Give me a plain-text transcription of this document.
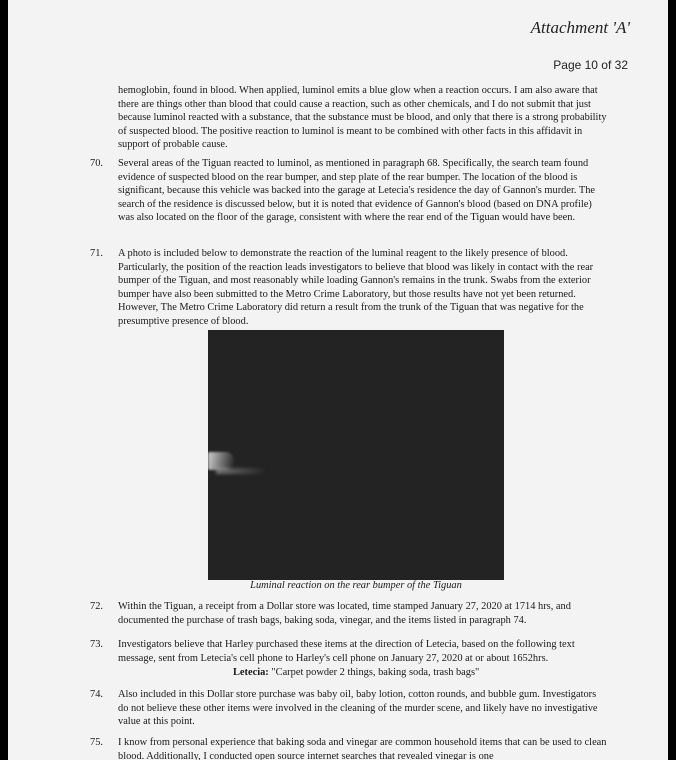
Attachment 'A'
Page 10 of 32
hemoglobin, found in blood. When applied, luminol emits a blue glow when a reaction occurs. I am also aware that there are things other than blood that could cause a reaction, such as other chemicals, and I do not submit that just because luminol reacted with a substance, that the substance must be blood, and only that there is a strong probability of suspected blood. The positive reaction to luminol is meant to be combined with other facts in this affidavit in support of probable cause.
70.	Several areas of the Tiguan reacted to luminol, as mentioned in paragraph 68. Specifically, the search team found evidence of suspected blood on the rear bumper, and step plate of the rear bumper. The location of the blood is significant, because this vehicle was backed into the garage at Letecia's residence the day of Gannon's murder. The search of the residence is discussed below, but it is noted that evidence of Gannon's blood (based on DNA profile) was also located on the floor of the garage, consistent with where the rear end of the Tiguan would have been.
71.	A photo is included below to demonstrate the reaction of the luminal reagent to the likely presence of blood. Particularly, the position of the reaction leads investigators to believe that blood was likely in contact with the rear bumper of the Tiguan, and most reasonably while loading Gannon's remains in the trunk. Swabs from the exterior bumper have also been submitted to the Metro Crime Laboratory, but those results have not yet been returned. However, The Metro Crime Laboratory did return a result from the trunk of the Tiguan that was negative for the presumptive presence of blood.
Luminal reaction on the rear bumper of the Tiguan
72.	Within the Tiguan, a receipt from a Dollar store was located, time stamped January 27, 2020 at 1714 hrs, and documented the purchase of trash bags, baking soda, vinegar, and the items listed in paragraph 74.
73.	Investigators believe that Harley purchased these items at the direction of Letecia, based on the following text message, sent from Letecia's cell phone to Harley's cell phone on January 27, 2020 at or about 1652hrs.
Letecia: "Carpet powder 2 things, baking soda, trash bags"
74.	Also included in this Dollar store purchase was baby oil, baby lotion, cotton rounds, and bubble gum. Investigators do not believe these other items were involved in the cleaning of the murder scene, and likely have no investigative value at this point.
75.	I know from personal experience that baking soda and vinegar are common household items that can be used to clean blood. Additionally, I conducted open source internet searches that revealed vinegar is one
